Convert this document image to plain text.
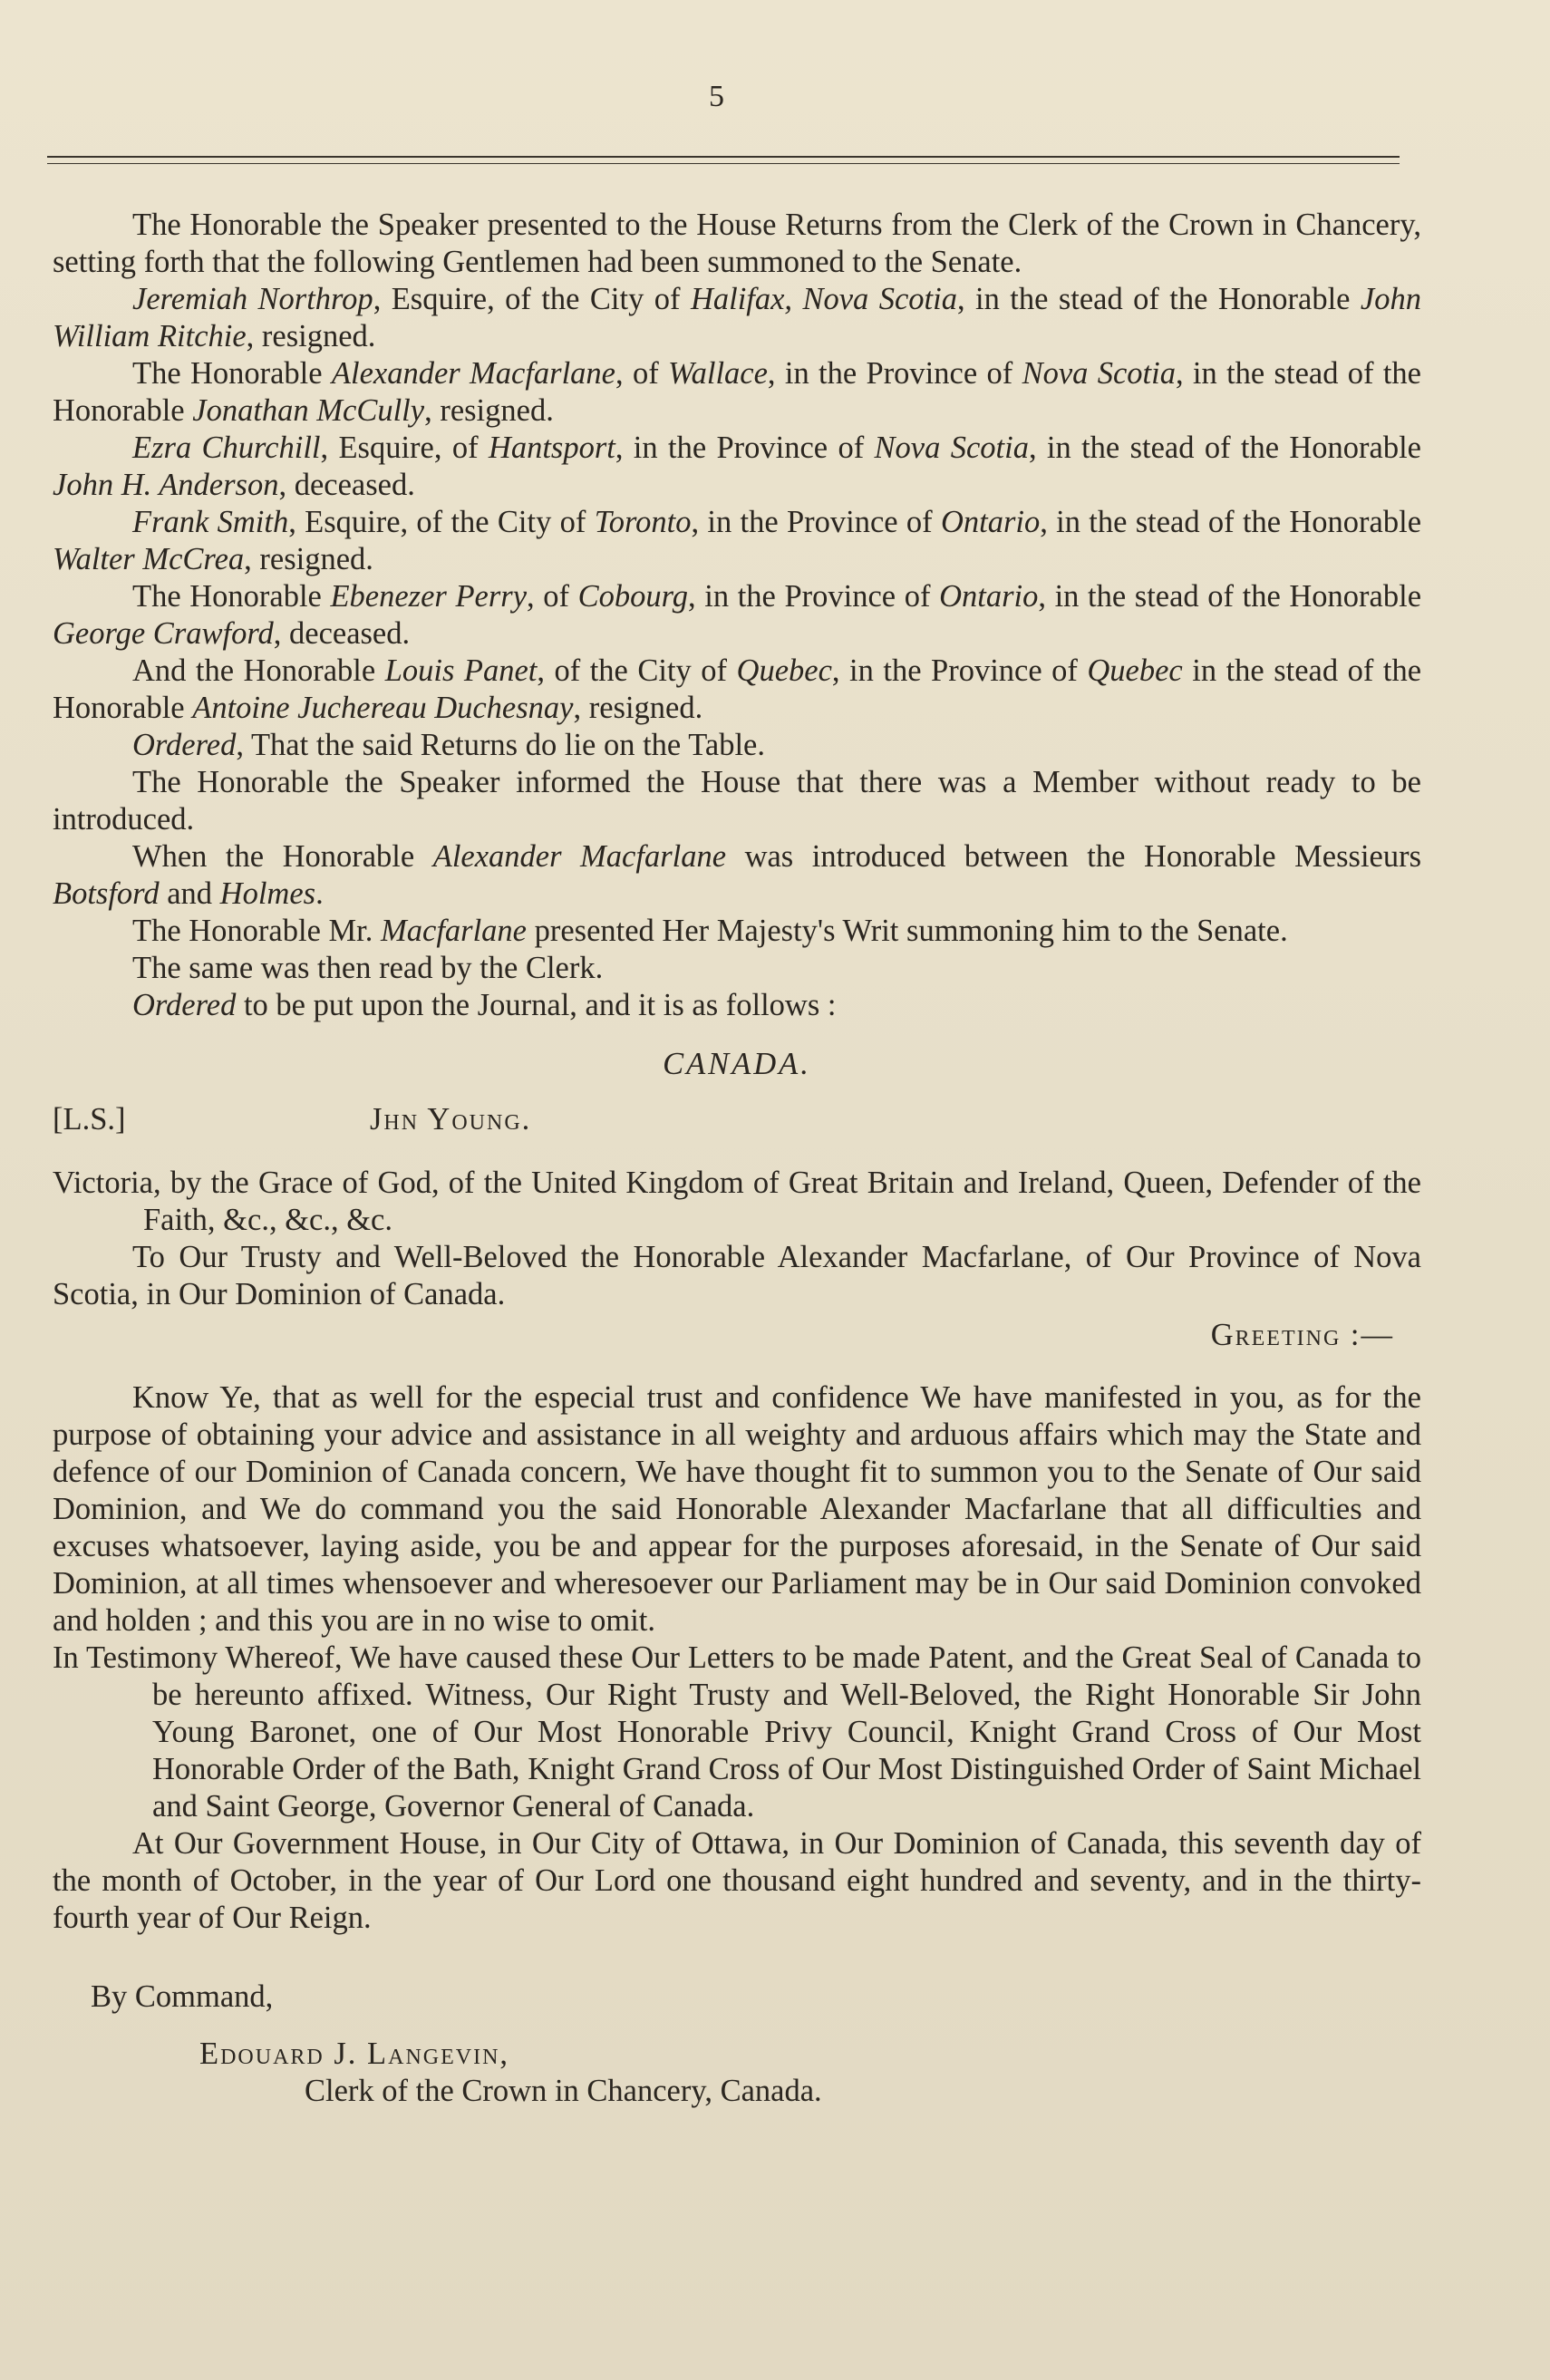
5

The Honorable the Speaker presented to the House Returns from the Clerk of the Crown in Chancery, setting forth that the following Gentlemen had been summoned to the Senate.

Jeremiah Northrop, Esquire, of the City of Halifax, Nova Scotia, in the stead of the Honorable John William Ritchie, resigned.

The Honorable Alexander Macfarlane, of Wallace, in the Province of Nova Scotia, in the stead of the Honorable Jonathan McCully, resigned.

Ezra Churchill, Esquire, of Hantsport, in the Province of Nova Scotia, in the stead of the Honorable John H. Anderson, deceased.

Frank Smith, Esquire, of the City of Toronto, in the Province of Ontario, in the stead of the Honorable Walter McCrea, resigned.

The Honorable Ebenezer Perry, of Cobourg, in the Province of Ontario, in the stead of the Honorable George Crawford, deceased.

And the Honorable Louis Panet, of the City of Quebec, in the Province of Quebec in the stead of the Honorable Antoine Juchereau Duchesnay, resigned.

Ordered, That the said Returns do lie on the Table.

The Honorable the Speaker informed the House that there was a Member without ready to be introduced.

When the Honorable Alexander Macfarlane was introduced between the Honorable Messieurs Botsford and Holmes.

The Honorable Mr. Macfarlane presented Her Majesty's Writ summoning him to the Senate.

The same was then read by the Clerk.

Ordered to be put upon the Journal, and it is as follows :

CANADA.

[L.S.]	Jhn Young.

Victoria, by the Grace of God, of the United Kingdom of Great Britain and Ireland, Queen, Defender of the Faith, &c., &c., &c.

To Our Trusty and Well-Beloved the Honorable Alexander Macfarlane, of Our Province of Nova Scotia, in Our Dominion of Canada.

Greeting :—

Know Ye, that as well for the especial trust and confidence We have manifested in you, as for the purpose of obtaining your advice and assistance in all weighty and arduous affairs which may the State and defence of our Dominion of Canada concern, We have thought fit to summon you to the Senate of Our said Dominion, and We do command you the said Honorable Alexander Macfarlane that all difficulties and excuses whatsoever, laying aside, you be and appear for the purposes aforesaid, in the Senate of Our said Dominion, at all times whensoever and wheresoever our Parliament may be in Our said Dominion convoked and holden ; and this you are in no wise to omit.

In Testimony Whereof, We have caused these Our Letters to be made Patent, and the Great Seal of Canada to be hereunto affixed. Witness, Our Right Trusty and Well-Beloved, the Right Honorable Sir John Young Baronet, one of Our Most Honorable Privy Council, Knight Grand Cross of Our Most Honorable Order of the Bath, Knight Grand Cross of Our Most Distinguished Order of Saint Michael and Saint George, Governor General of Canada.

At Our Government House, in Our City of Ottawa, in Our Dominion of Canada, this seventh day of the month of October, in the year of Our Lord one thousand eight hundred and seventy, and in the thirty-fourth year of Our Reign.

By Command,
Edouard J. Langevin,
Clerk of the Crown in Chancery, Canada.
